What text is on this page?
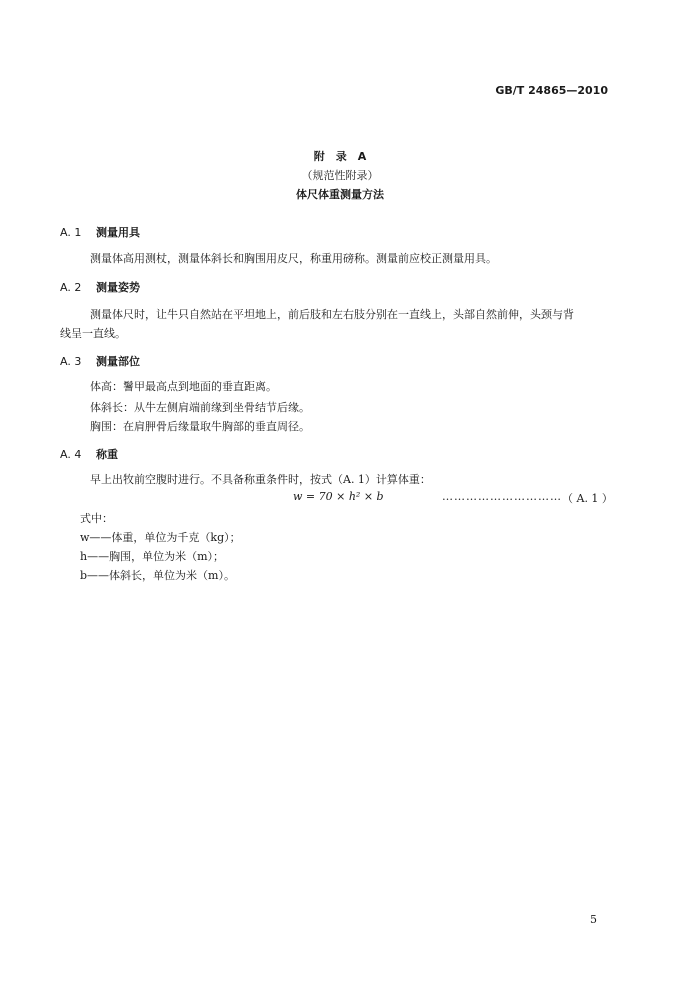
GB/T 24865—2010
附　录　A
（规范性附录）
体尺体重测量方法
A. 1 测量用具
测量体高用测杖，测量体斜长和胸围用皮尺，称重用磅称。测量前应校正测量用具。
A. 2 测量姿势
测量体尺时，让牛只自然站在平坦地上，前后肢和左右肢分别在一直线上，头部自然前伸，头颈与背
线呈一直线。
A. 3 测量部位
体高：鬐甲最高点到地面的垂直距离。
体斜长：从牛左侧肩端前缘到坐骨结节后缘。
胸围：在肩胛骨后缘量取牛胸部的垂直周径。
A. 4 称重
早上出牧前空腹时进行。不具备称重条件时，按式（A. 1）计算体重：
w = 70 × h² × b	………………………… （ A. 1 ）
式中：
w——体重，单位为千克（kg）；
h——胸围，单位为米（m）；
b——体斜长，单位为米（m）。
5
